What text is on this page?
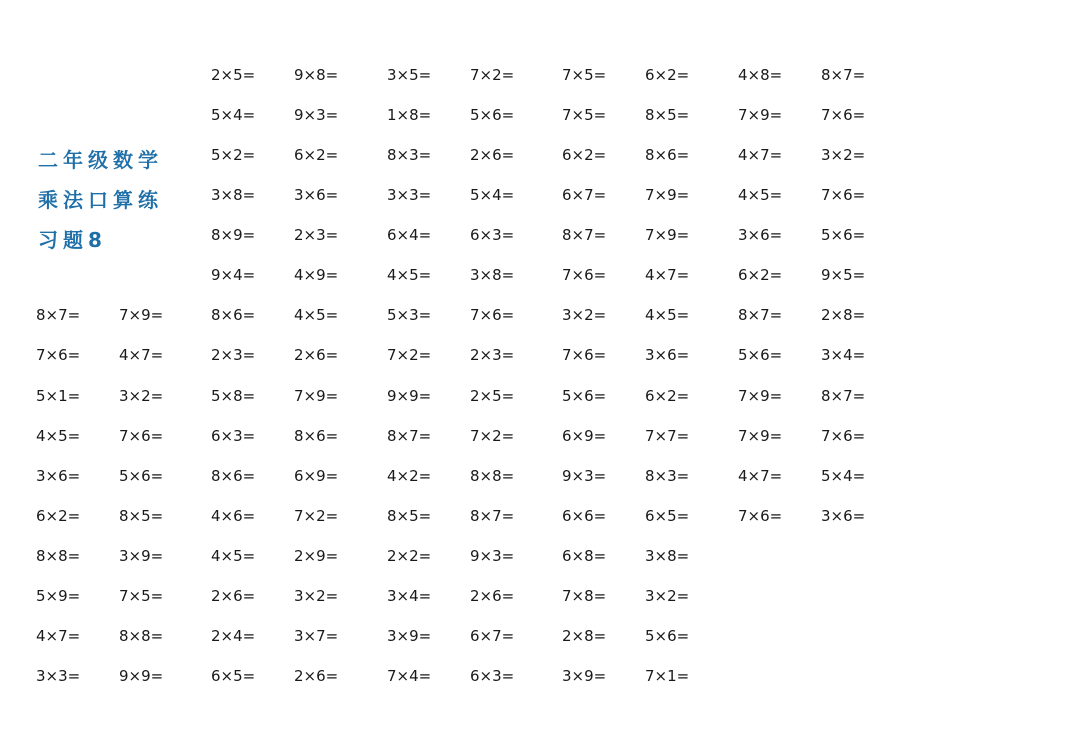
二年级数学
乘法口算练
习题8
2×5=	9×8=	3×5=	7×2=	7×5=	6×2=	4×8=	8×7=
5×4=	9×3=	1×8=	5×6=	7×5=	8×5=	7×9=	7×6=
5×2=	6×2=	8×3=	2×6=	6×2=	8×6=	4×7=	3×2=
3×8=	3×6=	3×3=	5×4=	6×7=	7×9=	4×5=	7×6=
8×9=	2×3=	6×4=	6×3=	8×7=	7×9=	3×6=	5×6=
9×4=	4×9=	4×5=	3×8=	7×6=	4×7=	6×2=	9×5=
8×7=	7×9=	8×6=	4×5=	5×3=	7×6=	3×2=	4×5=	8×7=	2×8=
7×6=	4×7=	2×3=	2×6=	7×2=	2×3=	7×6=	3×6=	5×6=	3×4=
5×1=	3×2=	5×8=	7×9=	9×9=	2×5=	5×6=	6×2=	7×9=	8×7=
4×5=	7×6=	6×3=	8×6=	8×7=	7×2=	6×9=	7×7=	7×9=	7×6=
3×6=	5×6=	8×6=	6×9=	4×2=	8×8=	9×3=	8×3=	4×7=	5×4=
6×2=	8×5=	4×6=	7×2=	8×5=	8×7=	6×6=	6×5=	7×6=	3×6=
8×8=	3×9=	4×5=	2×9=	2×2=	9×3=	6×8=	3×8=
5×9=	7×5=	2×6=	3×2=	3×4=	2×6=	7×8=	3×2=
4×7=	8×8=	2×4=	3×7=	3×9=	6×7=	2×8=	5×6=
3×3=	9×9=	6×5=	2×6=	7×4=	6×3=	3×9=	7×1=
